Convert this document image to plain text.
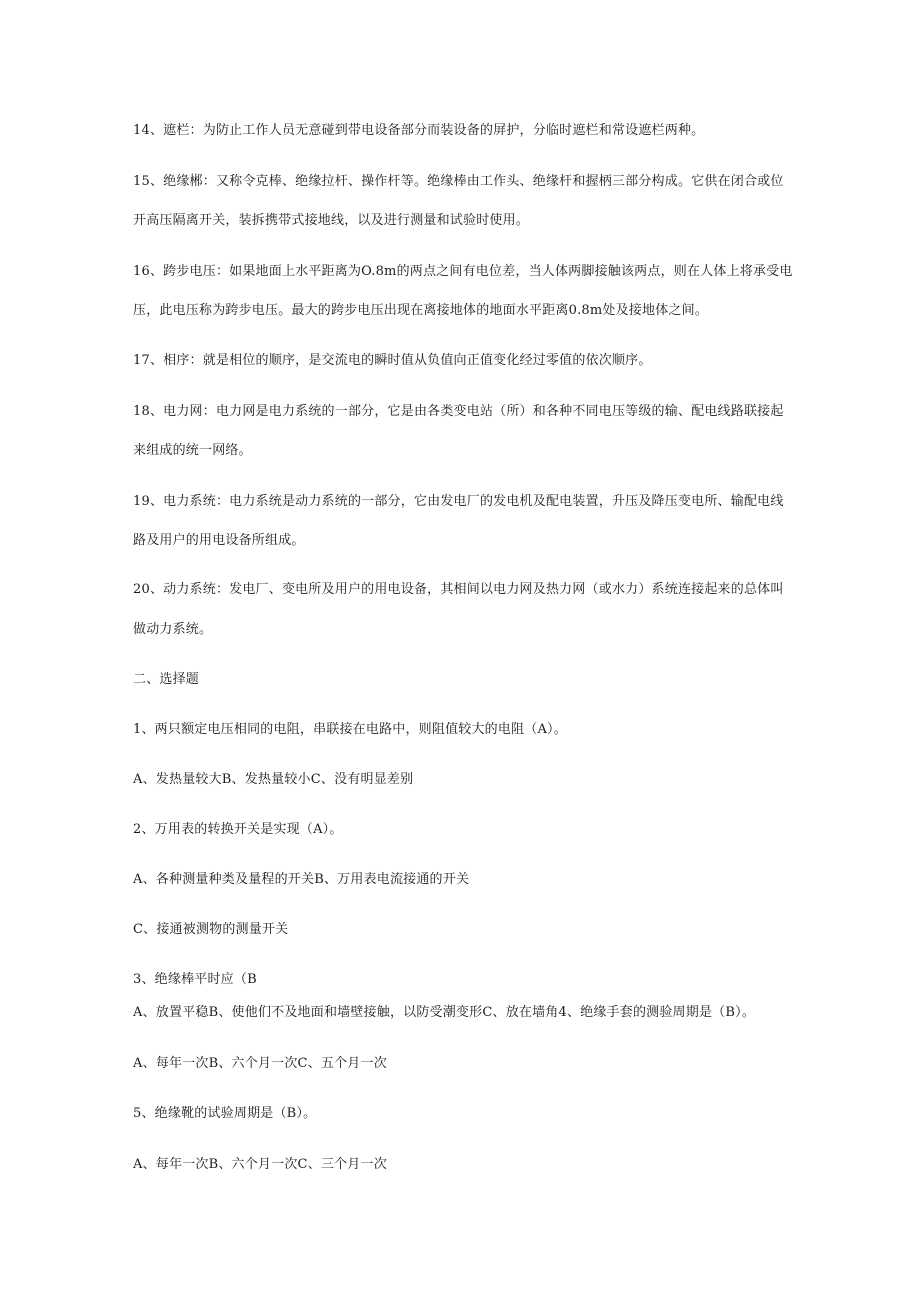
14、遮栏：为防止工作人员无意碰到带电设备部分而装设备的屏护，分临时遮栏和常设遮栏两种。
15、绝缘郴：又称令克棒、绝缘拉杆、操作杆等。绝缘棒由工作头、绝缘杆和握柄三部分构成。它供在闭合或位
开高压隔离开关，装拆携带式接地线，以及进行测量和试验时使用。
16、跨步电压：如果地面上水平距离为O.8m的两点之间有电位差，当人体两脚接触该两点，则在人体上将承受电
压，此电压称为跨步电压。最大的跨步电压出现在离接地体的地面水平距离0.8m处及接地体之间。
17、相序：就是相位的顺序，是交流电的瞬时值从负值向正值变化经过零值的依次顺序。
18、电力网：电力网是电力系统的一部分，它是由各类变电站（所）和各种不同电压等级的输、配电线路联接起
来组成的统一网络。
19、电力系统：电力系统是动力系统的一部分，它由发电厂的发电机及配电装置，升压及降压变电所、输配电线
路及用户的用电设备所组成。
20、动力系统：发电厂、变电所及用户的用电设备，其相间以电力网及热力网（或水力）系统连接起来的总体叫
做动力系统。
二、选择题
1、两只额定电压相同的电阻，串联接在电路中，则阻值较大的电阻（A）。
A、发热量较大B、发热量较小C、没有明显差别
2、万用表的转换开关是实现（A）。
A、各种测量种类及量程的开关B、万用表电流接通的开关
C、接通被测物的测量开关
3、绝缘棒平时应（B
A、放置平稳B、使他们不及地面和墙壁接触，以防受潮变形C、放在墙角4、绝缘手套的测验周期是（B）。
A、每年一次B、六个月一次C、五个月一次
5、绝缘靴的试验周期是（B）。
A、每年一次B、六个月一次C、三个月一次
